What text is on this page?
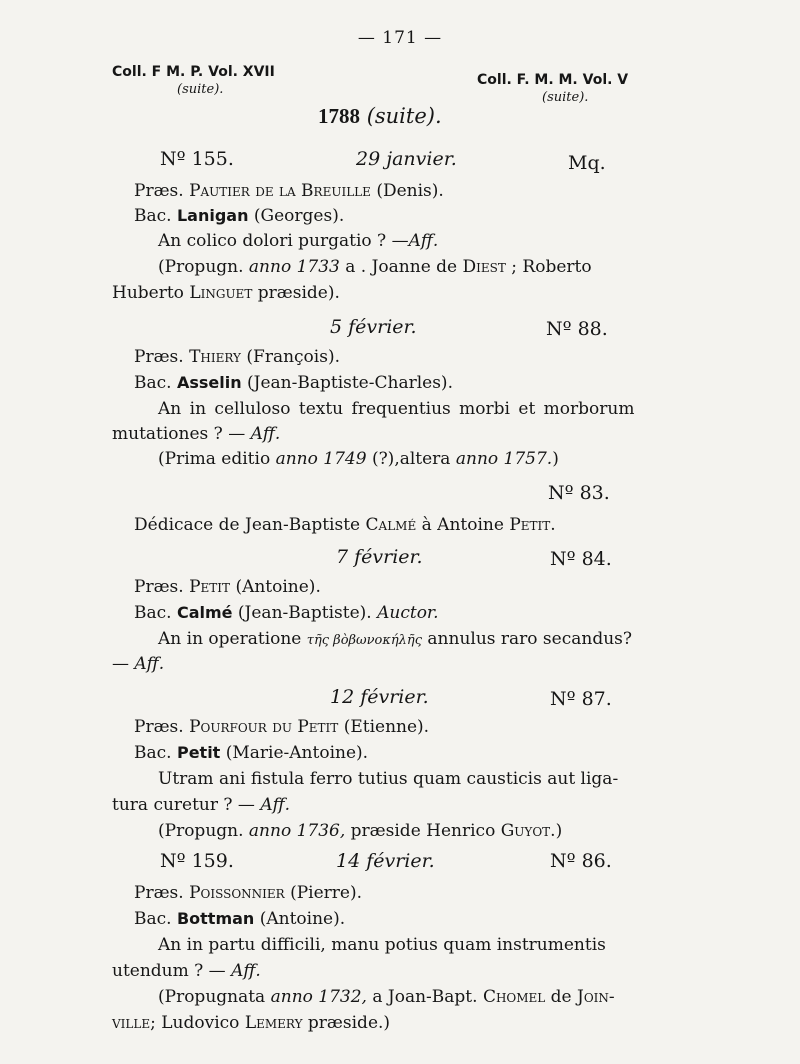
— 171 —
Coll. F M. P. Vol. XVII
(suite).
Coll. F. M. M. Vol. V
(suite).
1788 (suite).
Nº 155.	29 janvier.	Mq.
Præs. Pautier de la Breuille (Denis).
Bac. Lanigan (Georges).
An colico dolori purgatio ? —Aff.
(Propugn. anno 1733 a . Joanne de Diest ; Roberto
Huberto Linguet præside).
5 février.	Nº 88.
Præs. Thiery (François).
Bac. Asselin (Jean-Baptiste-Charles).
An in celluloso textu frequentius morbi et morborum
mutationes ? — Aff.
(Prima editio anno 1749 (?),altera anno 1757.)
Nº 83.
Dédicace de Jean-Baptiste Calmé à Antoine Petit.
7 février.	Nº 84.
Præs. Petit (Antoine).
Bac. Calmé (Jean-Baptiste). Auctor.
An in operatione τῆς βὸβωνοκήλῆς annulus raro secandus?
— Aff.
12 février.	Nº 87.
Præs. Pourfour du Petit (Etienne).
Bac. Petit (Marie-Antoine).
Utram ani fistula ferro tutius quam causticis aut liga-
tura curetur ? — Aff.
(Propugn. anno 1736, præside Henrico Guyot.)
Nº 159.	14 février.	Nº 86.
Præs. Poissonnier (Pierre).
Bac. Bottman (Antoine).
An in partu difficili, manu potius quam instrumentis
utendum ? — Aff.
(Propugnata anno 1732, a Joan-Bapt. Chomel de Join-
ville; Ludovico Lemery præside.)
